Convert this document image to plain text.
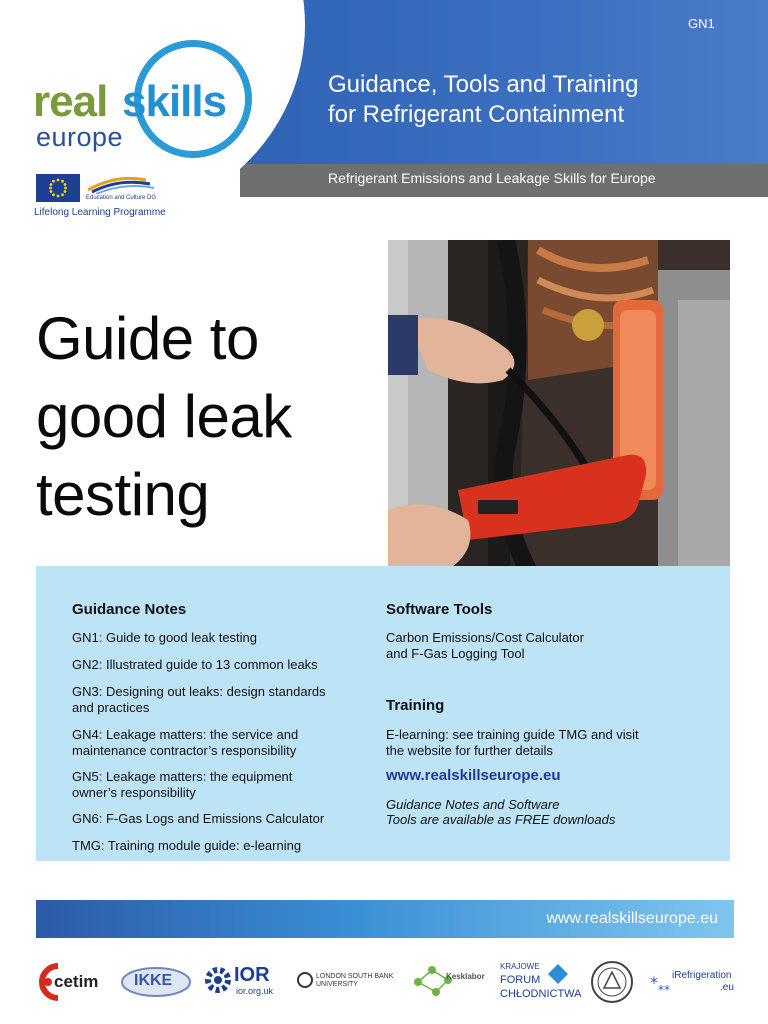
GN1
Guidance, Tools and Training
for Refrigerant Containment
Refrigerant Emissions and Leakage Skills for Europe
real skills
europe
Education and Culture DG
Lifelong Learning Programme
Guide to
good leak
testing
Guidance Notes
GN1: Guide to good leak testing
GN2: Illustrated guide to 13 common leaks
GN3: Designing out leaks: design standards
and practices
GN4: Leakage matters: the service and
maintenance contractor’s responsibility
GN5: Leakage matters: the equipment
owner’s responsibility
GN6: F-Gas Logs and Emissions Calculator
TMG: Training module guide: e-learning
Software Tools
Carbon Emissions/Cost Calculator
and F-Gas Logging Tool
Training
E-learning: see training guide TMG and visit
the website for further details
www.realskillseurope.eu
Guidance Notes and Software
Tools are available as FREE downloads
www.realskillseurope.eu
cetim IKKE	IOR
ior.org.uk
LONDON SOUTH BANK
UNIVERSITY
Kesklabor
KRAJOWE
FORUM
CHŁODNICTWA
* **
iRefrigeration
.eu
